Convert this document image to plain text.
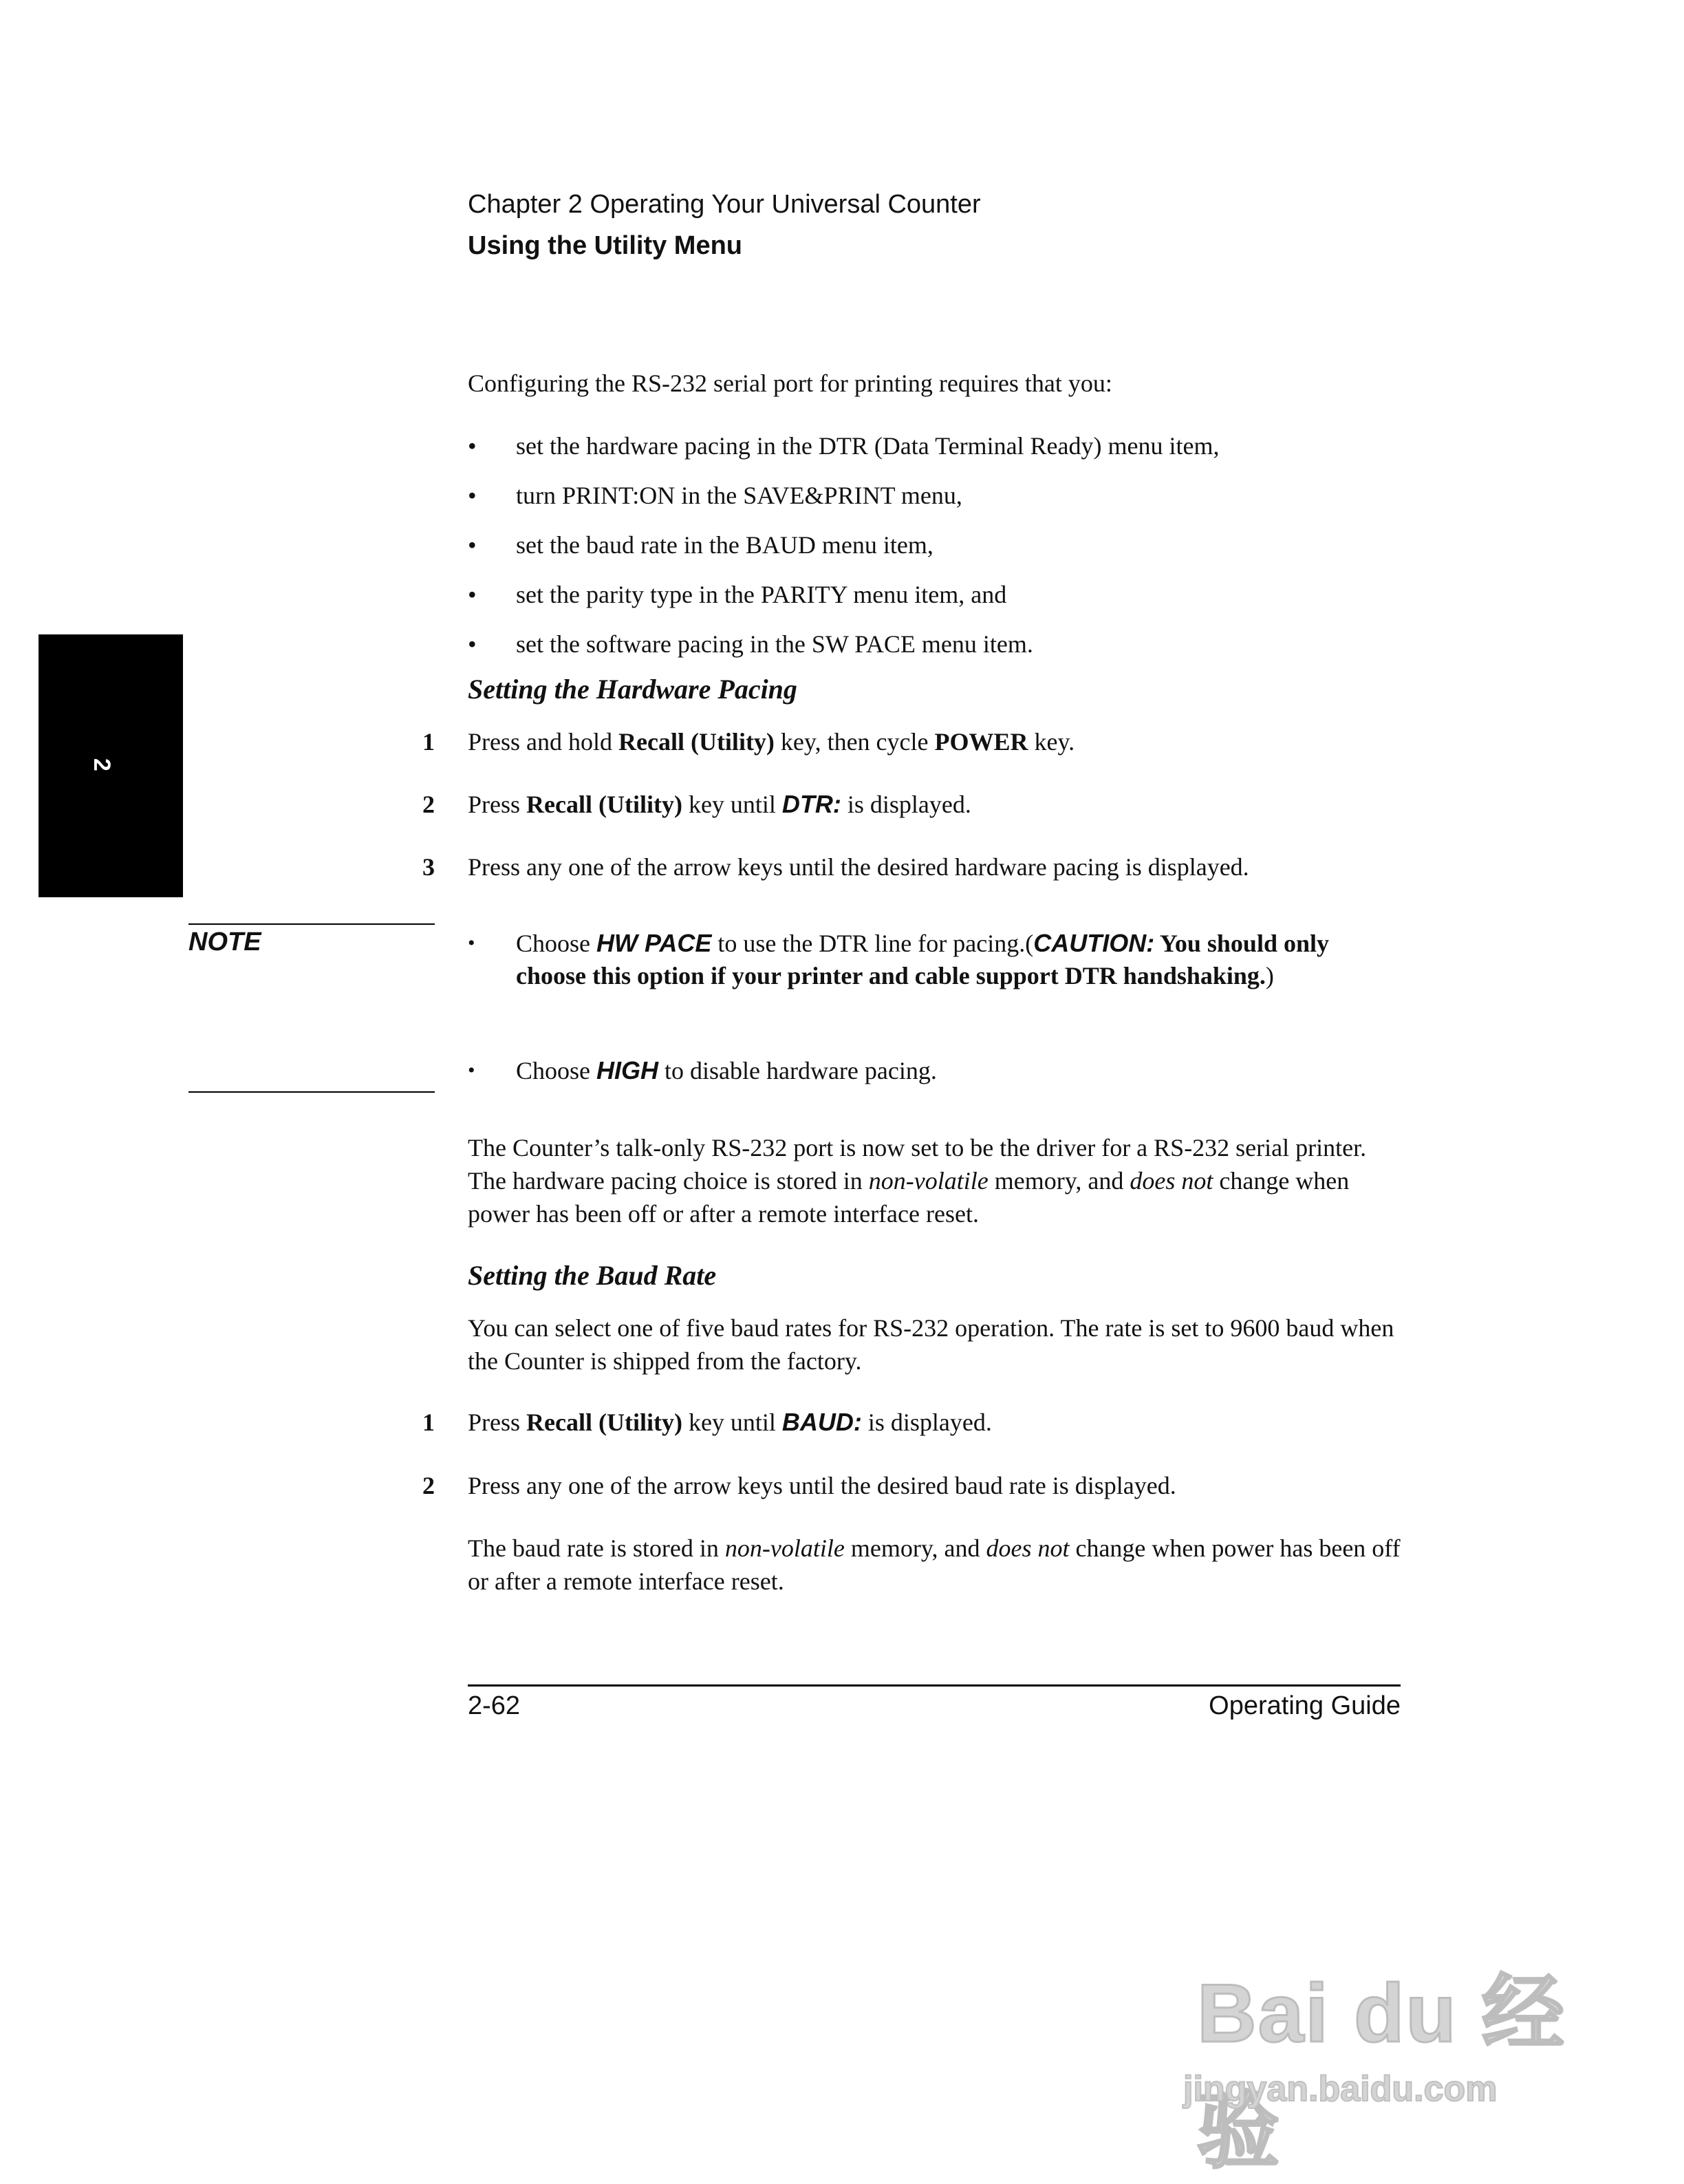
Chapter 2 Operating Your Universal Counter
Using the Utility Menu
2
Configuring the RS-232 serial port for printing requires that you:
• set the hardware pacing in the DTR (Data Terminal Ready) menu item,
• turn PRINT:ON in the SAVE&PRINT menu,
• set the baud rate in the BAUD menu item,
• set the parity type in the PARITY menu item, and
• set the software pacing in the SW PACE menu item.
Setting the Hardware Pacing
1 Press and hold Recall (Utility) key, then cycle POWER key.
2 Press Recall (Utility) key until DTR: is displayed.
3 Press any one of the arrow keys until the desired hardware pacing is displayed.
NOTE	• Choose HW PACE to use the DTR line for pacing.(CAUTION: You should only choose this option if your printer and cable support DTR handshaking.)
• Choose HIGH to disable hardware pacing.
The Counter’s talk-only RS-232 port is now set to be the driver for a RS-232 serial printer. The hardware pacing choice is stored in non-volatile memory, and does not change when power has been off or after a remote interface reset.
Setting the Baud Rate
You can select one of five baud rates for RS-232 operation. The rate is set to 9600 baud when the Counter is shipped from the factory.
1 Press Recall (Utility) key until BAUD: is displayed.
2 Press any one of the arrow keys until the desired baud rate is displayed.
The baud rate is stored in non-volatile memory, and does not change when power has been off or after a remote interface reset.
2-62	Operating Guide
Bai du 经验
jingyan.baidu.com
